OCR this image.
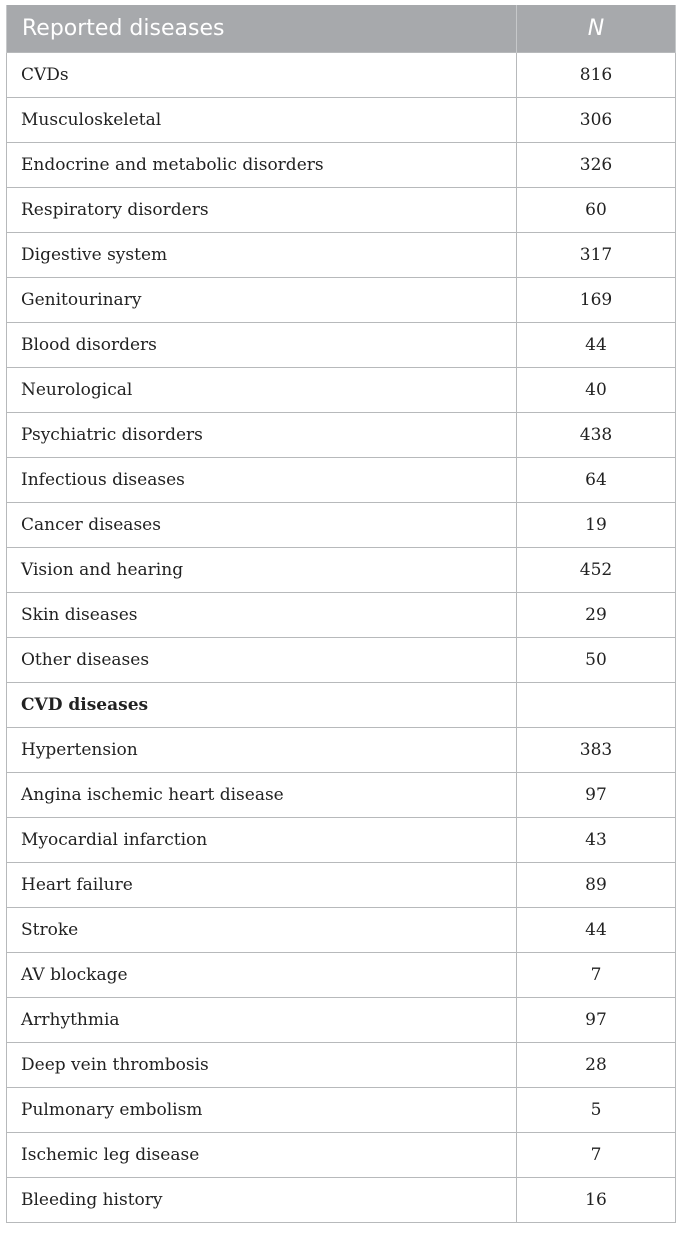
Reported diseases	N
CVDs	816
Musculoskeletal	306
Endocrine and metabolic disorders	326
Respiratory disorders	60
Digestive system	317
Genitourinary	169
Blood disorders	44
Neurological	40
Psychiatric disorders	438
Infectious diseases	64
Cancer diseases	19
Vision and hearing	452
Skin diseases	29
Other diseases	50
CVD diseases	
Hypertension	383
Angina ischemic heart disease	97
Myocardial infarction	43
Heart failure	89
Stroke	44
AV blockage	7
Arrhythmia	97
Deep vein thrombosis	28
Pulmonary embolism	5
Ischemic leg disease	7
Bleeding history	16
